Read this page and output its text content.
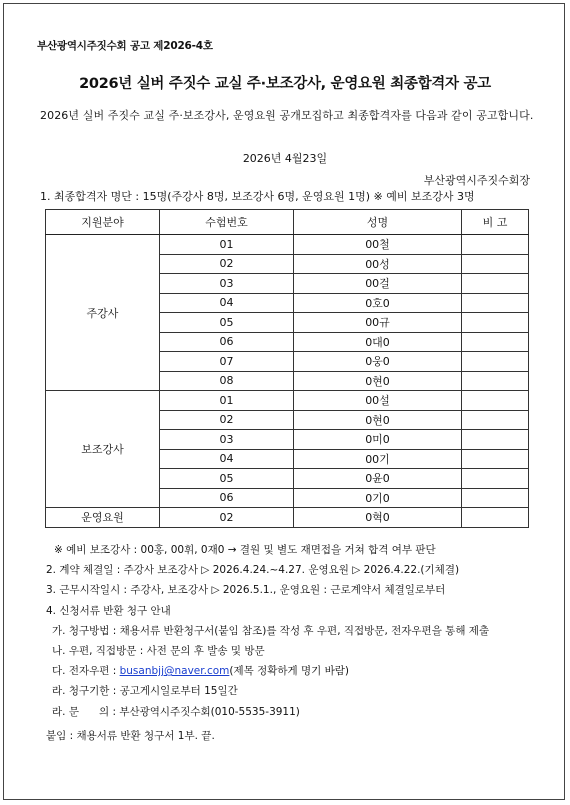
부산광역시주짓수회 공고 제2026-4호
2026년 실버 주짓수 교실 주·보조강사, 운영요원 최종합격자 공고
2026년 실버 주짓수 교실 주·보조강사, 운영요원 공개모집하고 최종합격자를 다음과 같이 공고합니다.
2026년 4월23일
부산광역시주짓수회장
1. 최종합격자 명단 : 15명(주강사 8명, 보조강사 6명, 운영요원 1명) ※ 예비 보조강사 3명
지원분야	수험번호	성명	비 고
주강사	01	00철	
	02	00성	
	03	00걸	
	04	0호0	
	05	00규	
	06	0대0	
	07	0웅0	
	08	0현0	
보조강사	01	00설	
	02	0현0	
	03	0미0	
	04	00기	
	05	0윤0	
	06	0기0	
운영요원	02	0혁0	
※ 예비 보조강사 : 00홍, 00휘, 0재0 → 결원 및 별도 재면접을 거쳐 합격 여부 판단
2. 계약 체결일 : 주강사 보조강사 ▷ 2026.4.24.~4.27. 운영요원 ▷ 2026.4.22.(기체결)
3. 근무시작일시 : 주강사, 보조강사 ▷ 2026.5.1., 운영요원 : 근로계약서 체결일로부터
4. 신청서류 반환 청구 안내
가. 청구방법 : 채용서류 반환청구서(붙임 참조)를 작성 후 우편, 직접방문, 전자우편을 통해 제출
나. 우편, 직접방문 : 사전 문의 후 발송 및 방문
다. 전자우편 : busanbjj@naver.com(제목 정확하게 명기 바람)
라. 청구기한 : 공고게시일로부터 15일간
라. 문      의 : 부산광역시주짓수회(010-5535-3911)
붙임 : 채용서류 반환 청구서 1부. 끝.
